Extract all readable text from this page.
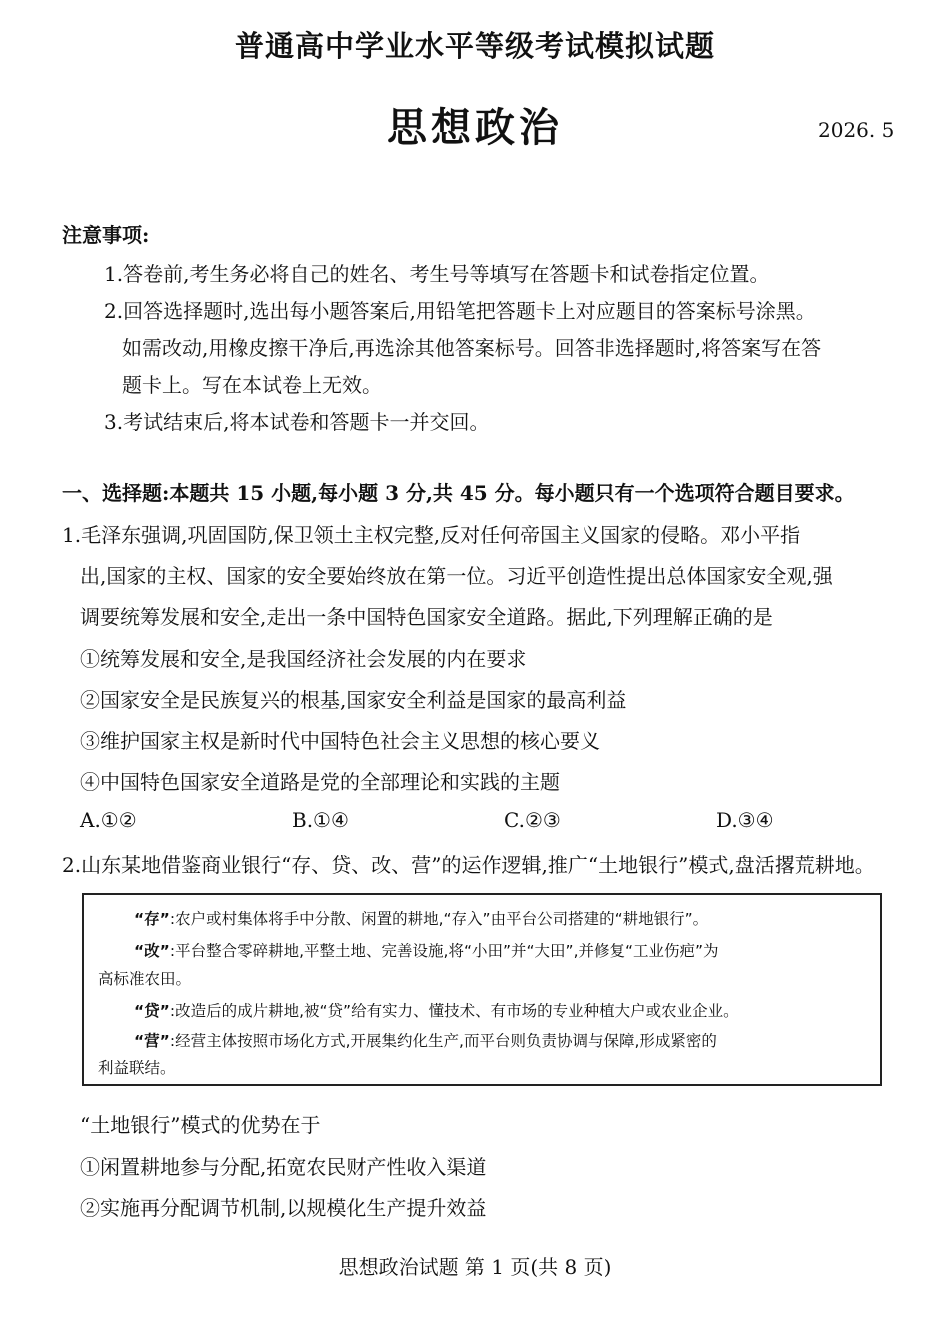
普通高中学业水平等级考试模拟试题
思想政治	2026. 5
注意事项:
1.答卷前,考生务必将自己的姓名、考生号等填写在答题卡和试卷指定位置。
2.回答选择题时,选出每小题答案后,用铅笔把答题卡上对应题目的答案标号涂黑。
如需改动,用橡皮擦干净后,再选涂其他答案标号。回答非选择题时,将答案写在答
题卡上。写在本试卷上无效。
3.考试结束后,将本试卷和答题卡一并交回。
一、选择题:本题共 15 小题,每小题 3 分,共 45 分。每小题只有一个选项符合题目要求。
1.毛泽东强调,巩固国防,保卫领土主权完整,反对任何帝国主义国家的侵略。邓小平指
出,国家的主权、国家的安全要始终放在第一位。习近平创造性提出总体国家安全观,强
调要统筹发展和安全,走出一条中国特色国家安全道路。据此,下列理解正确的是
①统筹发展和安全,是我国经济社会发展的内在要求
②国家安全是民族复兴的根基,国家安全利益是国家的最高利益
③维护国家主权是新时代中国特色社会主义思想的核心要义
④中国特色国家安全道路是党的全部理论和实践的主题
A.①②	B.①④	C.②③	D.③④
2.山东某地借鉴商业银行“存、贷、改、营”的运作逻辑,推广“土地银行”模式,盘活撂荒耕地。
“存”:农户或村集体将手中分散、闲置的耕地,“存入”由平台公司搭建的“耕地银行”。
“改”:平台整合零碎耕地,平整土地、完善设施,将“小田”并“大田”,并修复“工业伤疤”为
高标准农田。
“贷”:改造后的成片耕地,被“贷”给有实力、懂技术、有市场的专业种植大户或农业企业。
“营”:经营主体按照市场化方式,开展集约化生产,而平台则负责协调与保障,形成紧密的
利益联结。
“土地银行”模式的优势在于
①闲置耕地参与分配,拓宽农民财产性收入渠道
②实施再分配调节机制,以规模化生产提升效益
思想政治试题 第 1 页(共 8 页)
